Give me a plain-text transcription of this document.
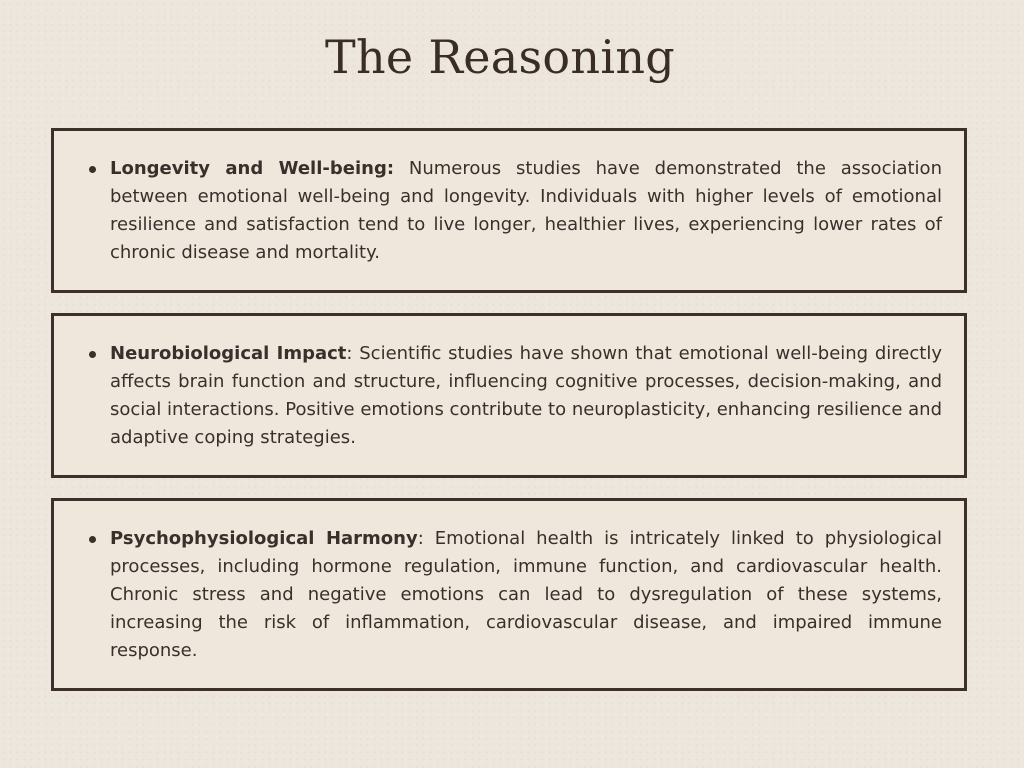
The Reasoning

Longevity and Well-being: Numerous studies have demonstrated the association between emotional well-being and longevity. Individuals with higher levels of emotional resilience and satisfaction tend to live longer, healthier lives, experiencing lower rates of chronic disease and mortality.

Neurobiological Impact: Scientific studies have shown that emotional well-being directly affects brain function and structure, influencing cognitive processes, decision-making, and social interactions. Positive emotions contribute to neuroplasticity, enhancing resilience and adaptive coping strategies.

Psychophysiological Harmony: Emotional health is intricately linked to physiological processes, including hormone regulation, immune function, and cardiovascular health. Chronic stress and negative emotions can lead to dysregulation of these systems, increasing the risk of inflammation, cardiovascular disease, and impaired immune response.
